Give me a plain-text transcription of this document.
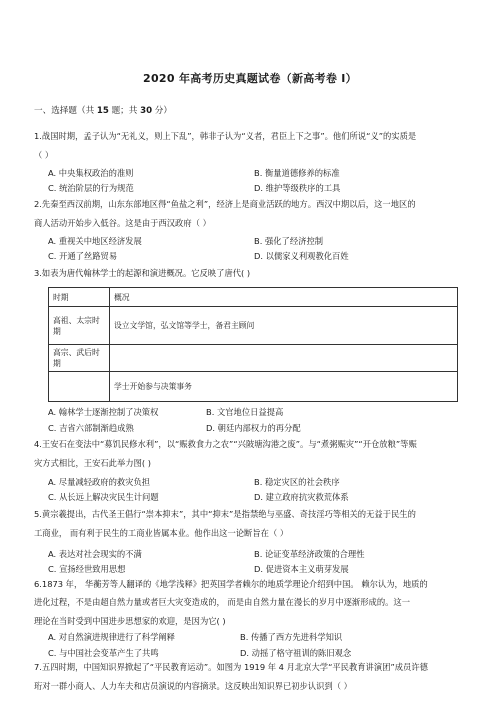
2020 年高考历史真题试卷（新高考卷 Ⅰ）
一、选择题（共 15 题；共 30 分）
1.战国时期，孟子认为“无礼义，则上下乱”，韩非子认为“义者，君臣上下之事”。他们所说“义”的实质是
（ ）
A. 中央集权政治的准则	B. 衡量道德修养的标准
C. 统治阶层的行为规范	D. 维护等级秩序的工具
2.先秦至西汉前期，山东东部地区得“鱼盐之利”，经济上是商业活跃的地方。西汉中期以后，这一地区的
商人活动开始步入低谷。这是由于西汉政府（ ）
A. 重视关中地区经济发展	B. 强化了经济控制
C. 开通了丝路贸易	D. 以儒家义利观教化百姓
3.如表为唐代翰林学士的起源和演进概况。它反映了唐代( )
时期	概况
高祖、太宗时期	设立文学馆，弘文馆等学士，备君主顾问
高宗、武后时期	
	学士开始参与决策事务
A. 翰林学士逐渐控制了决策权	B. 文官地位日益提高
C. 吉省六部制渐趋成熟	D. 朝廷内部权力的再分配
4.王安石在变法中“募饥民修水利”，以“赈救食力之农”“兴陂塘沟港之废”。与“煮粥赈灾”“开仓放粮”等赈
灾方式相比，王安石此举力图( )
A. 尽量减轻政府的救灾负担	B. 稳定灾区的社会秩序
C. 从长远上解决灾民生计问题	D. 建立政府抗灾救荒体系
5.黄宗羲提出，古代圣王倡行“崇本抑末”，其中“抑末”是指禁绝与巫盛、奇技淫巧等相关的无益于民生的
工商业， 而有利于民生的工商业皆属本业。他作出这一论断旨在（ ）
A. 表达对社会现实的不满	B. 论证变革经济政策的合理性
C. 宣扬经世致用思想	D. 促进资本主义萌芽发展
6.1873 年， 华蘅芳等人翻译的《地学浅释》把英国学者赖尔的地质学理论介绍到中国。 赖尔认为，地质的
进化过程，不是由超自然力量或者巨大灾变造成的， 而是由自然力量在漫长的岁月中逐渐形成的。这一
理论在当时受到中国进步思想家的欢迎，是因为它( )
A. 对自然演进规律进行了科学阐释	B. 传播了西方先进科学知识
C. 与中国社会变革产生了共鸣	D. 动摇了格守祖训的陈旧观念
7.五四时期，中国知识界掀起了“平民教育运动”。如图为 1919 年 4 月北京大学“平民教育讲演团”成员许德
珩对一群小商人、人力车夫和店员演说的内容摘录。这反映出知识界已初步认识到（ ）
